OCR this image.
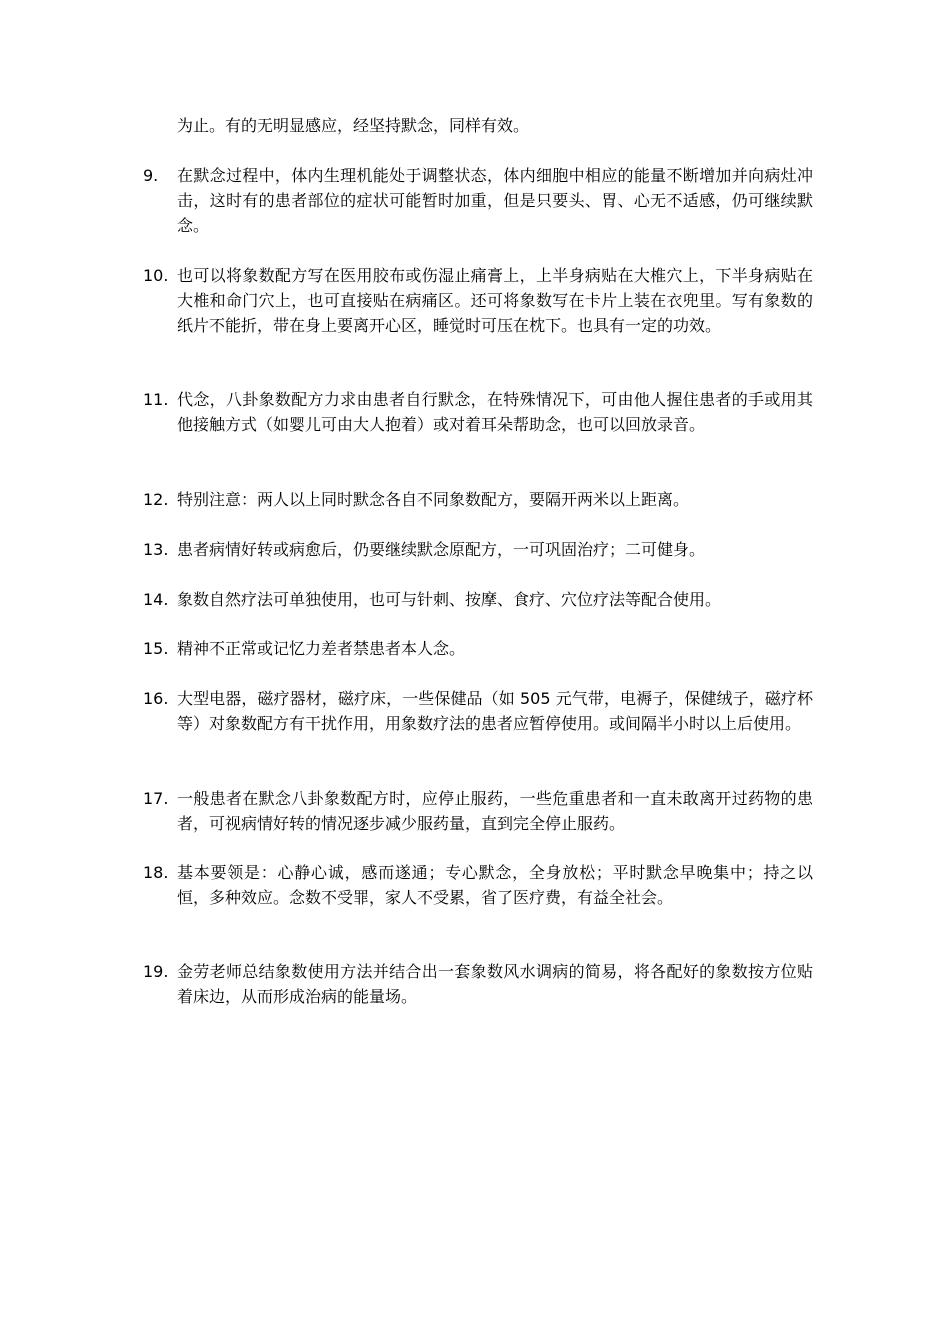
为止。有的无明显感应，经坚持默念，同样有效。

9.	在默念过程中，体内生理机能处于调整状态，体内细胞中相应的能量不断增加并向病灶冲击，这时有的患者部位的症状可能暂时加重，但是只要头、胃、心无不适感，仍可继续默念。
10. 也可以将象数配方写在医用胶布或伤湿止痛膏上，上半身病贴在大椎穴上，下半身病贴在大椎和命门穴上，也可直接贴在病痛区。还可将象数写在卡片上装在衣兜里。写有象数的纸片不能折，带在身上要离开心区，睡觉时可压在枕下。也具有一定的功效。
11. 代念，八卦象数配方力求由患者自行默念，在特殊情况下，可由他人握住患者的手或用其他接触方式（如婴儿可由大人抱着）或对着耳朵帮助念，也可以回放录音。
12. 特别注意：两人以上同时默念各自不同象数配方，要隔开两米以上距离。
13. 患者病情好转或病愈后，仍要继续默念原配方，一可巩固治疗；二可健身。
14. 象数自然疗法可单独使用，也可与针刺、按摩、食疗、穴位疗法等配合使用。
15. 精神不正常或记忆力差者禁患者本人念。
16. 大型电器，磁疗器材，磁疗床，一些保健品（如 505 元气带，电褥子，保健绒子，磁疗杯等）对象数配方有干扰作用，用象数疗法的患者应暂停使用。或间隔半小时以上后使用。
17. 一般患者在默念八卦象数配方时，应停止服药，一些危重患者和一直未敢离开过药物的患者，可视病情好转的情况逐步减少服药量，直到完全停止服药。
18. 基本要领是：心静心诚，感而遂通；专心默念，全身放松；平时默念早晚集中；持之以恒，多种效应。念数不受罪，家人不受累，省了医疗费，有益全社会。
19. 金劳老师总结象数使用方法并结合出一套象数风水调病的简易，将各配好的象数按方位贴着床边，从而形成治病的能量场。
